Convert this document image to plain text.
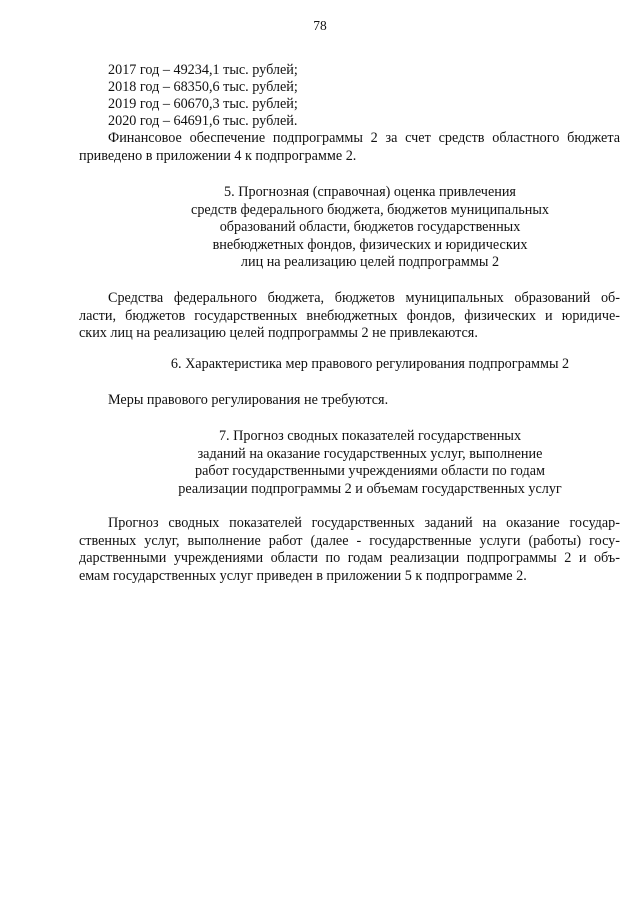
78
2017 год – 49234,1 тыс. рублей;
2018 год – 68350,6 тыс. рублей;
2019 год – 60670,3 тыс. рублей;
2020 год – 64691,6 тыс. рублей.
Финансовое обеспечение подпрограммы 2 за счет средств областного бюджета
приведено в приложении 4 к подпрограмме 2.
5. Прогнозная (справочная) оценка привлечения
средств федерального бюджета, бюджетов муниципальных
образований области, бюджетов государственных
внебюджетных фондов, физических и юридических
лиц на реализацию целей подпрограммы 2
Средства федерального бюджета, бюджетов муниципальных образований об-
ласти, бюджетов государственных внебюджетных фондов, физических и юридиче-
ских лиц на реализацию целей подпрограммы 2 не привлекаются.
6. Характеристика мер правового регулирования подпрограммы 2
Меры правового регулирования не требуются.
7. Прогноз сводных показателей государственных
заданий на оказание государственных услуг, выполнение
работ государственными учреждениями области по годам
реализации подпрограммы 2 и объемам государственных услуг
Прогноз сводных показателей государственных заданий на оказание государ-
ственных услуг, выполнение работ (далее - государственные услуги (работы) госу-
дарственными учреждениями области по годам реализации подпрограммы 2 и объ-
емам государственных услуг приведен в приложении 5 к подпрограмме 2.
